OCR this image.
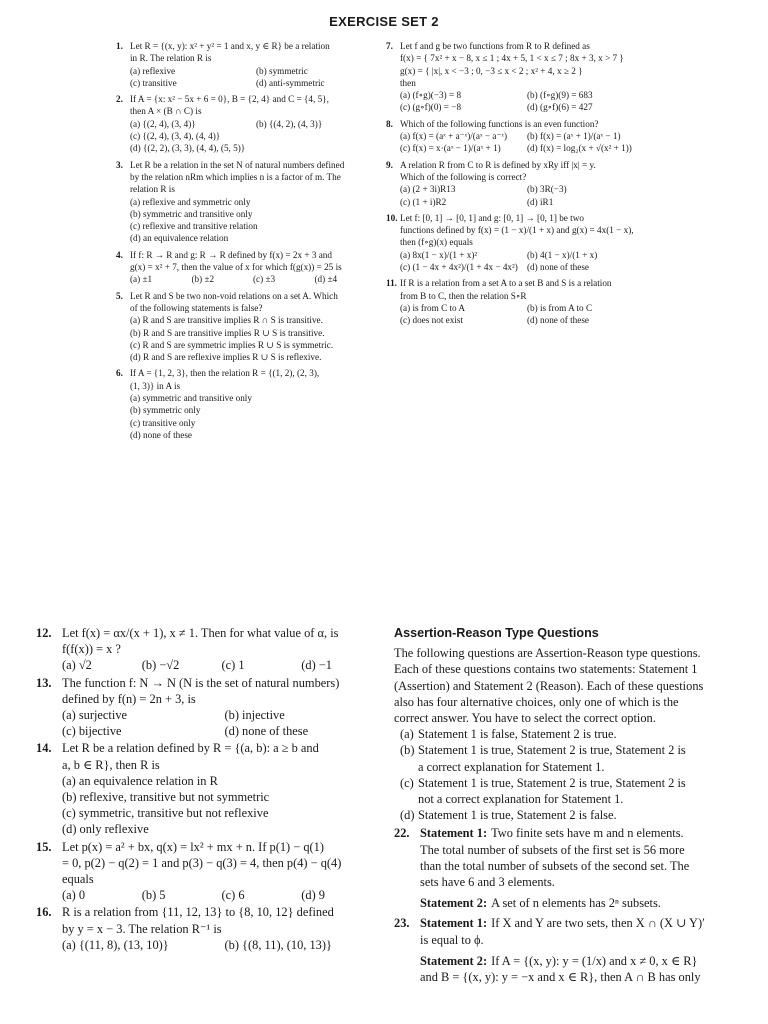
EXERCISE SET 2
1. Let R = {(x, y): x² + y² = 1 and x, y ∈ R} be a relation
in R. The relation R is
(a) reflexive	(b) symmetric
(c) transitive	(d) anti-symmetric
2. If A = {x: x² − 5x + 6 = 0}, B = {2, 4} and C = {4, 5},
then A × (B ∩ C) is
(a) {(2, 4), (3, 4)}	(b) {(4, 2), (4, 3)}
(c) {(2, 4), (3, 4), (4, 4)}
(d) {(2, 2), (3, 3), (4, 4), (5, 5)}
3. Let R be a relation in the set N of natural numbers defined
by the relation nRm which implies n is a factor of m. The
relation R is
(a) reflexive and symmetric only
(b) symmetric and transitive only
(c) reflexive and transitive relation
(d) an equivalence relation
4. If f: R → R and g: R → R defined by f(x) = 2x + 3 and
g(x) = x² + 7, then the value of x for which f(g(x)) = 25 is
(a) ±1	(b) ±2	(c) ±3	(d) ±4
5. Let R and S be two non-void relations on a set A. Which
of the following statements is false?
(a) R and S are transitive implies R ∩ S is transitive.
(b) R and S are transitive implies R ∪ S is transitive.
(c) R and S are symmetric implies R ∪ S is symmetric.
(d) R and S are reflexive implies R ∪ S is reflexive.
6. If A = {1, 2, 3}, then the relation R = {(1, 2), (2, 3),
(1, 3)} in A is
(a) symmetric and transitive only
(b) symmetric only
(c) transitive only
(d) none of these
7. Let f and g be two functions from R to R defined as
f(x) = { 7x² + x − 8, x ≤ 1 ; 4x + 5, 1 < x ≤ 7 ; 8x + 3, x > 7 }
g(x) = { |x|, x < −3 ; 0, −3 ≤ x < 2 ; x² + 4, x ≥ 2 }
then
(a) (f∘g)(−3) = 8	(b) (f∘g)(9) = 683
(c) (g∘f)(0) = −8	(d) (g∘f)(6) = 427
8. Which of the following functions is an even function?
(a) f(x) = (aˣ + a⁻ˣ)/(aˣ − a⁻ˣ)	(b) f(x) = (aˣ + 1)/(aˣ − 1)
(c) f(x) = x·(aˣ − 1)/(aˣ + 1)	(d) f(x) = log₂(x + √(x² + 1))
9. A relation R from C to R is defined by xRy iff |x| = y.
Which of the following is correct?
(a) (2 + 3i)R13	(b) 3R(−3)
(c) (1 + i)R2	(d) iR1
10. Let f: [0, 1] → [0, 1] and g: [0, 1] → [0, 1] be two
functions defined by f(x) = (1 − x)/(1 + x) and g(x) = 4x(1 − x),
then (f∘g)(x) equals
(a) 8x(1 − x)/(1 + x)²	(b) 4(1 − x)/(1 + x)
(c) (1 − 4x + 4x²)/(1 + 4x − 4x²) (d) none of these
11. If R is a relation from a set A to a set B and S is a relation
from B to C, then the relation S∘R
(a) is from C to A	(b) is from A to C
(c) does not exist	(d) none of these
12. Let f(x) = αx/(x + 1), x ≠ 1. Then for what value of α, is
f(f(x)) = x ?
(a) √2	(b) −√2	(c) 1	(d) −1
13. The function f: N → N (N is the set of natural numbers)
defined by f(n) = 2n + 3, is
(a) surjective	(b) injective
(c) bijective	(d) none of these
14. Let R be a relation defined by R = {(a, b): a ≥ b and
a, b ∈ R}, then R is
(a) an equivalence relation in R
(b) reflexive, transitive but not symmetric
(c) symmetric, transitive but not reflexive
(d) only reflexive
15. Let p(x) = a² + bx, q(x) = lx² + mx + n. If p(1) − q(1)
= 0, p(2) − q(2) = 1 and p(3) − q(3) = 4, then p(4) − q(4)
equals
(a) 0	(b) 5	(c) 6	(d) 9
16. R is a relation from {11, 12, 13} to {8, 10, 12} defined
by y = x − 3. The relation R⁻¹ is
(a) {(11, 8), (13, 10)}	(b) {(8, 11), (10, 13)}
Assertion-Reason Type Questions
The following questions are Assertion-Reason type questions.
Each of these questions contains two statements: Statement 1
(Assertion) and Statement 2 (Reason). Each of these questions
also has four alternative choices, only one of which is the
correct answer. You have to select the correct option.
(a) Statement 1 is false, Statement 2 is true.
(b) Statement 1 is true, Statement 2 is true, Statement 2 is
a correct explanation for Statement 1.
(c) Statement 1 is true, Statement 2 is true, Statement 2 is
not a correct explanation for Statement 1.
(d) Statement 1 is true, Statement 2 is false.
22. Statement 1: Two finite sets have m and n elements.
The total number of subsets of the first set is 56 more
than the total number of subsets of the second set. The
sets have 6 and 3 elements.
Statement 2: A set of n elements has 2ⁿ subsets.
23. Statement 1: If X and Y are two sets, then X ∩ (X ∪ Y)′
is equal to ϕ.
Statement 2: If A = {(x, y): y = (1/x) and x ≠ 0, x ∈ R}
and B = {(x, y): y = −x and x ∈ R}, then A ∩ B has only
